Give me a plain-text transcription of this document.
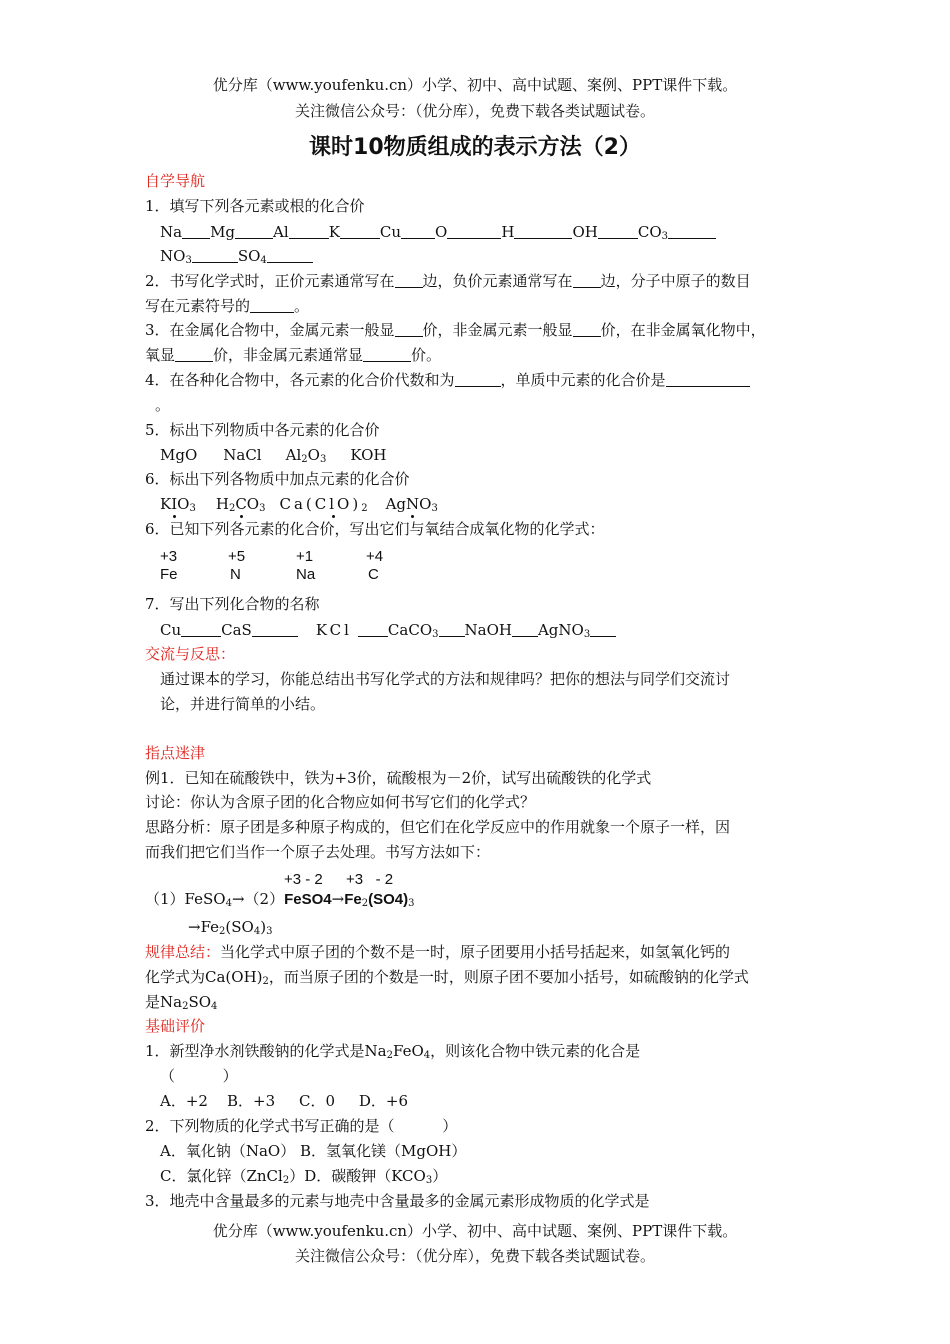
优分库（www.youfenku.cn）小学、初中、高中试题、案例、PPT课件下载。
关注微信公众号：（优分库），免费下载各类试题试卷。
课时10物质组成的表示方法（2）
自学导航
1．填写下列各元素或根的化合价
Na Mg	Al	K	Cu O	H	OH	$CO_3$
$NO_3$	$SO_4$
2．书写化学式时，正价元素通常写在 边，负价元素通常写在 边，分子中原子的数目
写在元素符号的	。
3．在金属化合物中，金属元素一般显 价，非金属元素一般显 价，在非金属氧化物中，
氧显	价，非金属元素通常显	价。
4．在各种化合物中，各元素的化合价代数和为	，单质中元素的化合价是
。
5．标出下列物质中各元素的化合价
MgO NaCl $Al_2O_3$ KOH
6．标出下列各物质中加点元素的化合价
$KIO_3$ $H_2CO_3$ $Ca(ClO)_2$ AgNO$_3$
6．已知下列各元素的化合价，写出它们与氧结合成氧化物的化学式：
+3	+5	+1	+4
Fe	N	Na	C
7．写出下列化合物的名称
Cu	CaS	KCl CaCO$_3$ NaOH AgNO$_3$
交流与反思：
通过课本的学习，你能总结出书写化学式的方法和规律吗？把你的想法与同学们交流讨
论，并进行简单的小结。
指点迷津
例1．已知在硫酸铁中，铁为+3价，硫酸根为－2价，试写出硫酸铁的化学式
讨论：你认为含原子团的化合物应如何书写它们的化学式？
思路分析：原子团是多种原子构成的，但它们在化学反应中的作用就象一个原子一样，因
而我们把它们当作一个原子去处理。书写方法如下：
+3 - 2 +3   - 2
$(1)FeSO_4\to(2)FeSO4\to Fe_2(SO4)_3$
$\to Fe_2(SO_4)_3$
规律总结：当化学式中原子团的个数不是一时，原子团要用小括号括起来，如氢氧化钙的
化学式为$Ca(OH)_2$，而当原子团的个数是一时，则原子团不要加小括号，如硫酸钠的化学式
是$Na_2SO_4$
基础评价
1．新型净水剂铁酸钠的化学式是$Na_2FeO_4$，则该化合物中铁元素的化合是
（          ）
A．+2    B．+3     C．0     D．+6
2．下列物质的化学式书写正确的是（          ）
A．氧化钠（NaO） B．氢氧化镁（MgOH）
C．氯化锌（ZnCl$_2$）D．碳酸钾$(KCO_3)$
3．地壳中含量最多的元素与地壳中含量最多的金属元素形成物质的化学式是
优分库（www.youfenku.cn）小学、初中、高中试题、案例、PPT课件下载。
关注微信公众号：（优分库），免费下载各类试题试卷。
